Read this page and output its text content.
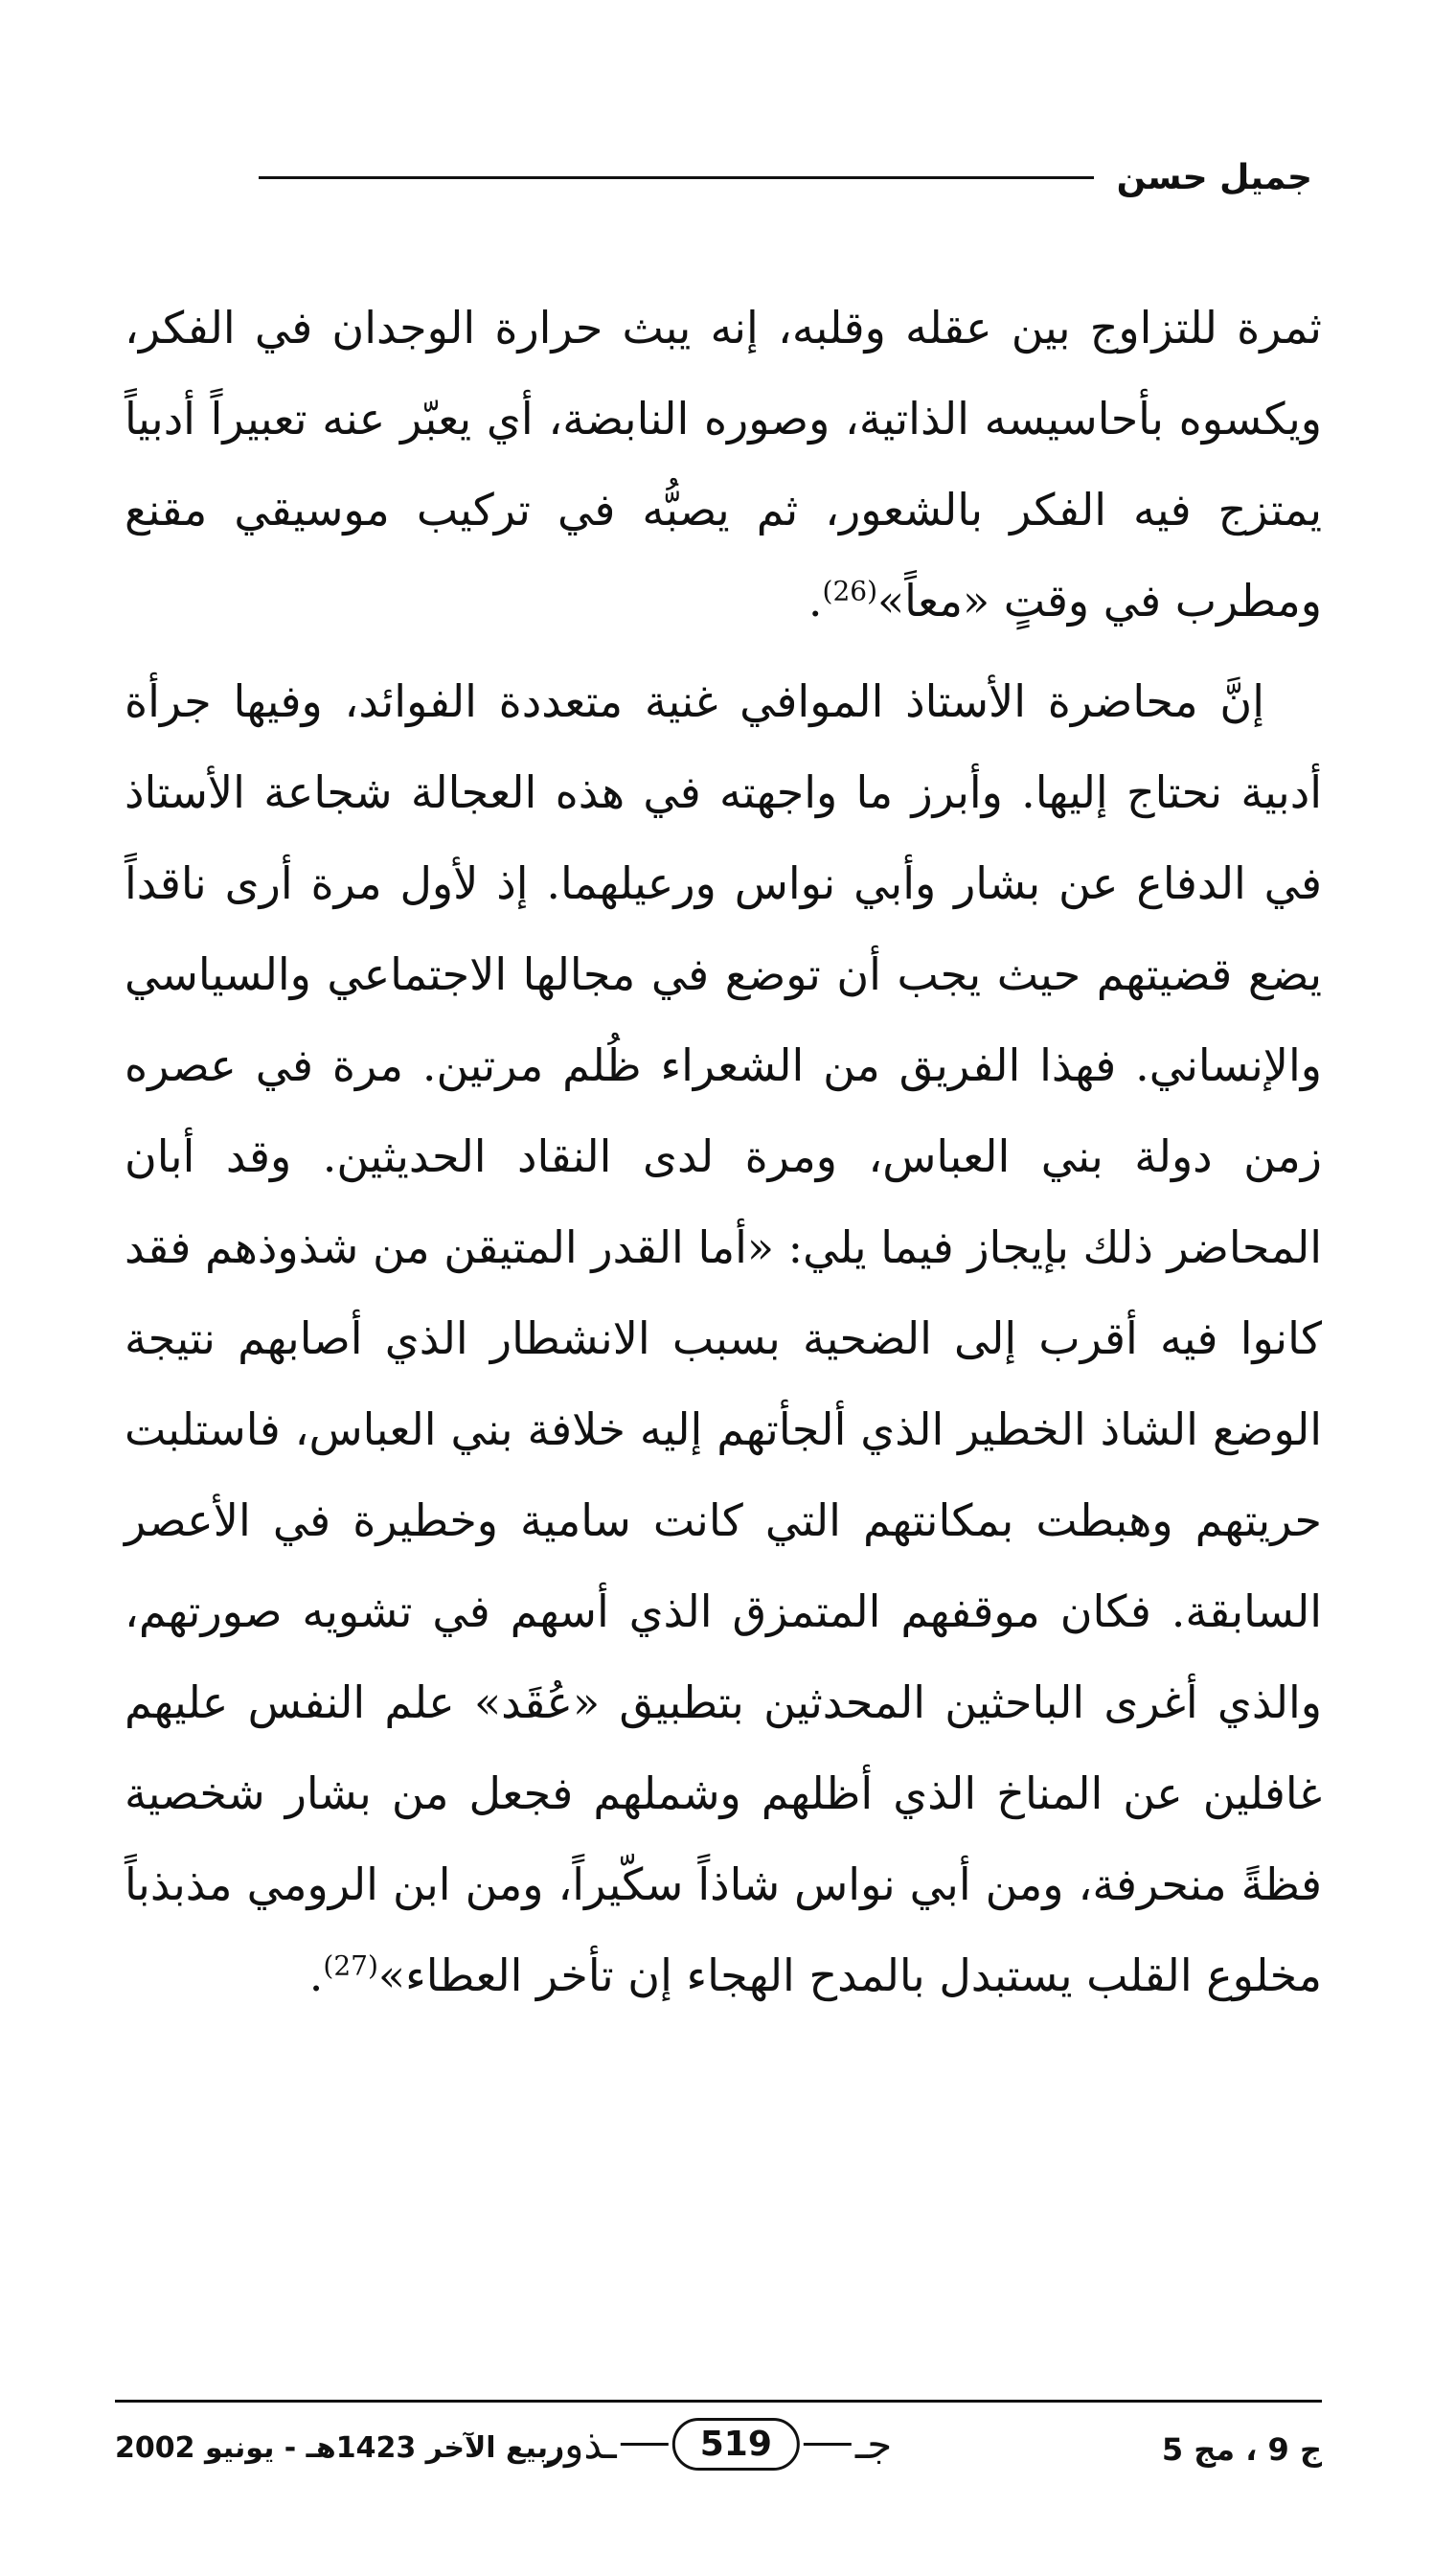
جميل حسن

ثمرة للتزاوج بين عقله وقلبه، إنه يبث حرارة الوجدان في الفكر، ويكسوه بأحاسيسه الذاتية، وصوره النابضة، أي يعبّر عنه تعبيراً أدبياً يمتزج فيه الفكر بالشعور، ثم يصبُّه في تركيب موسيقي مقنع ومطرب في وقتٍ «معاً»$^{(26)}$.

إنَّ محاضرة الأستاذ الموافي غنية متعددة الفوائد، وفيها جرأة أدبية نحتاج إليها. وأبرز ما واجهته في هذه العجالة شجاعة الأستاذ في الدفاع عن بشار وأبي نواس ورعيلهما. إذ لأول مرة أرى ناقداً يضع قضيتهم حيث يجب أن توضع في مجالها الاجتماعي والسياسي والإنساني. فهذا الفريق من الشعراء ظُلم مرتين. مرة في عصره زمن دولة بني العباس، ومرة لدى النقاد الحديثين. وقد أبان المحاضر ذلك بإيجاز فيما يلي: «أما القدر المتيقن من شذوذهم فقد كانوا فيه أقرب إلى الضحية بسبب الانشطار الذي أصابهم نتيجة الوضع الشاذ الخطير الذي ألجأتهم إليه خلافة بني العباس، فاستلبت حريتهم وهبطت بمكانتهم التي كانت سامية وخطيرة في الأعصر السابقة. فكان موقفهم المتمزق الذي أسهم في تشويه صورتهم، والذي أغرى الباحثين المحدثين بتطبيق «عُقَد» علم النفس عليهم غافلين عن المناخ الذي أظلهم وشملهم فجعل من بشار شخصية فظةً منحرفة، ومن أبي نواس شاذاً سكّيراً، ومن ابن الرومي مذبذباً مخلوع القلب يستبدل بالمدح الهجاء إن تأخر العطاء»$^{(27)}$.

ج 9 ، مج 5
جـ
519
ـذور
ربيع الآخر 1423هـ - يونيو 2002
